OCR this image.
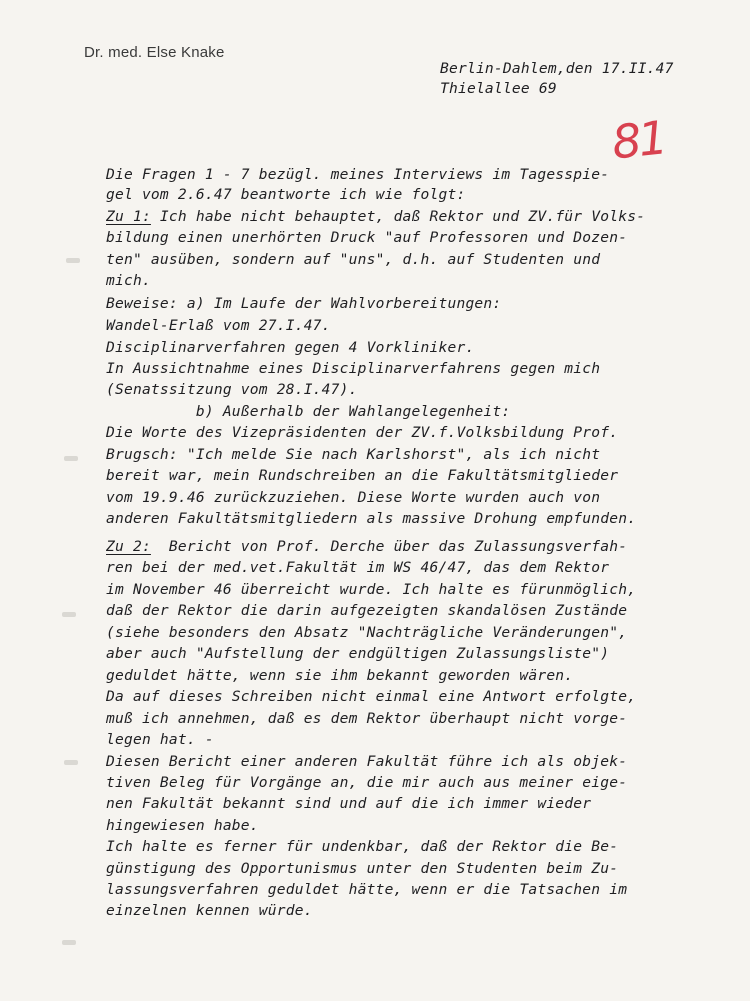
Dr. med. Else Knake
Berlin-Dahlem,den 17.II.47
Thielallee 69
81
Die Fragen 1 - 7 bezügl. meines Interviews im Tagesspie-
gel vom 2.6.47 beantworte ich wie folgt:
Zu 1: Ich habe nicht behauptet, daß Rektor und ZV.für Volks-
bildung einen unerhörten Druck "auf Professoren und Dozen-
ten" ausüben, sondern auf "uns", d.h. auf Studenten und
mich.
Beweise: a) Im Laufe der Wahlvorbereitungen:
Wandel-Erlaß vom 27.I.47.
Disciplinarverfahren gegen 4 Vorkliniker.
In Aussichtnahme eines Disciplinarverfahrens gegen mich
(Senatssitzung vom 28.I.47).
b) Außerhalb der Wahlangelegenheit:
Die Worte des Vizepräsidenten der ZV.f.Volksbildung Prof.
Brugsch: "Ich melde Sie nach Karlshorst", als ich nicht
bereit war, mein Rundschreiben an die Fakultätsmitglieder
vom 19.9.46 zurückzuziehen. Diese Worte wurden auch von
anderen Fakultätsmitgliedern als massive Drohung empfunden.
Zu 2:  Bericht von Prof. Derche über das Zulassungsverfah-
ren bei der med.vet.Fakultät im WS 46/47, das dem Rektor
im November 46 überreicht wurde. Ich halte es fürunmöglich,
daß der Rektor die darin aufgezeigten skandalösen Zustände
(siehe besonders den Absatz "Nachträgliche Veränderungen",
aber auch "Aufstellung der endgültigen Zulassungsliste")
geduldet hätte, wenn sie ihm bekannt geworden wären.
Da auf dieses Schreiben nicht einmal eine Antwort erfolgte,
muß ich annehmen, daß es dem Rektor überhaupt nicht vorge-
legen hat. -
Diesen Bericht einer anderen Fakultät führe ich als objek-
tiven Beleg für Vorgänge an, die mir auch aus meiner eige-
nen Fakultät bekannt sind und auf die ich immer wieder
hingewiesen habe.
Ich halte es ferner für undenkbar, daß der Rektor die Be-
günstigung des Opportunismus unter den Studenten beim Zu-
lassungsverfahren geduldet hätte, wenn er die Tatsachen im
einzelnen kennen würde.
